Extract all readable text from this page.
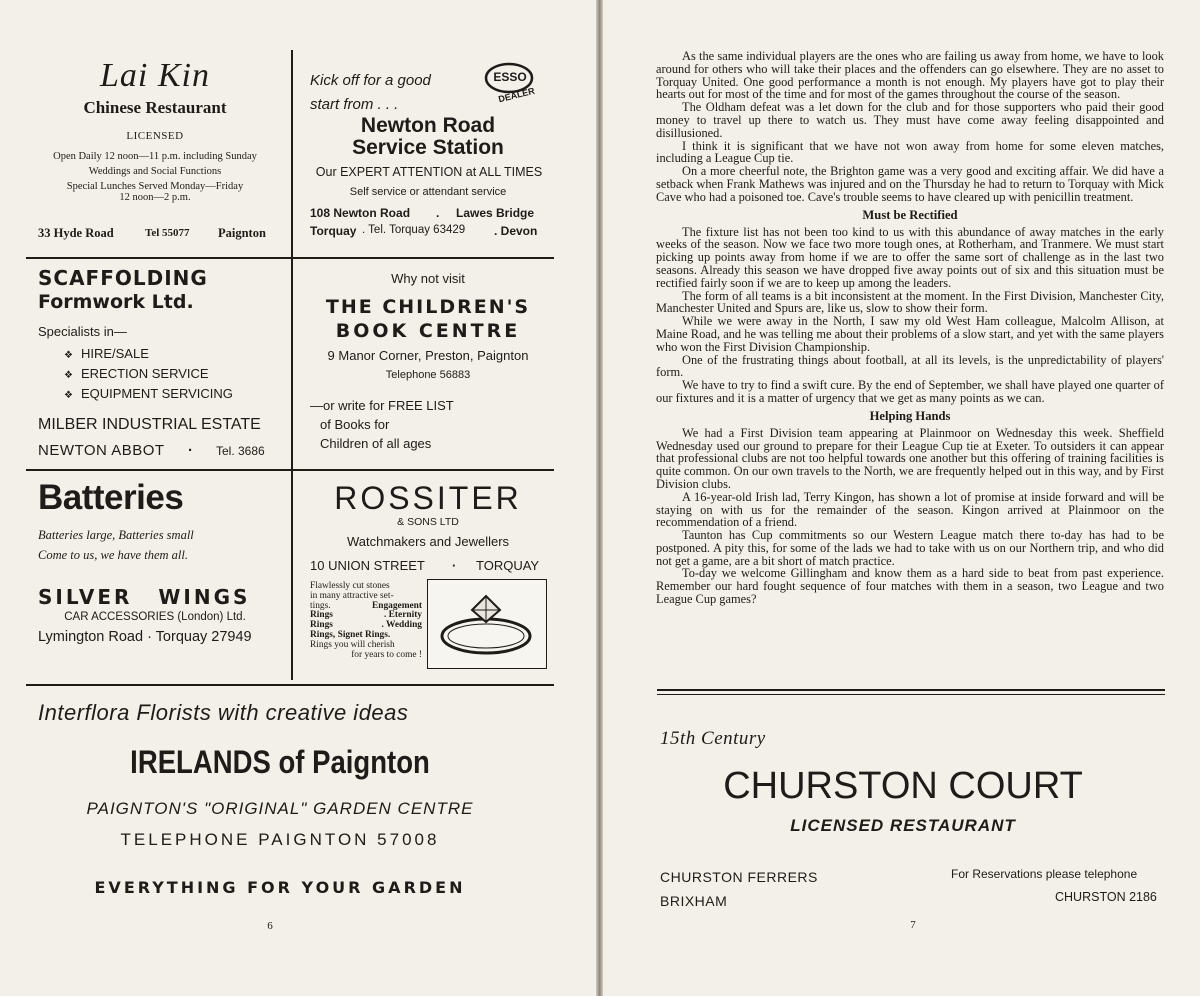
Lai Kin
Chinese Restaurant
LICENSED
Open Daily 12 noon—11 p.m. including Sunday
Weddings and Social Functions
Special Lunches Served Monday—Friday
12 noon—2 p.m.
33 Hyde Road	Tel 55077 Paignton
Kick off for a good
start from . . .
ESSO
DEALER
Newton Road
Service Station
Our EXPERT ATTENTION at ALL TIMES
Self service or attendant service
108 Newton Road . Lawes Bridge
Torquay . Tel. Torquay 63429 . Devon
SCAFFOLDING
Formwork Ltd.
Specialists in—
❖ HIRE/SALE
❖ ERECTION SERVICE
❖ EQUIPMENT SERVICING
MILBER INDUSTRIAL ESTATE
NEWTON ABBOT · Tel. 3686
Why not visit
THE CHILDREN'S
BOOK CENTRE
9 Manor Corner, Preston, Paignton
Telephone 56883
—or write for FREE LIST
of Books for
Children of all ages
Batteries
Batteries large, Batteries small
Come to us, we have them all.
SILVER WINGS
CAR ACCESSORIES (London) Ltd.
Lymington Road · Torquay 27949
ROSSITER
& SONS LTD
Watchmakers and Jewellers
10 UNION STREET · TORQUAY
Flawlessly cut stones
in many attractive set-
tings.	Engagement
Rings	. Eternity
Rings	. Wedding
Rings, Signet Rings.
Rings you will cherish
for years to come !
Interflora Florists with creative ideas
IRELANDS of Paignton
PAIGNTON'S "ORIGINAL" GARDEN CENTRE
TELEPHONE PAIGNTON 57008
EVERYTHING FOR YOUR GARDEN
6

As the same individual players are the ones who are failing us away from home, we have to look around for others who will take their places and the offenders can go elsewhere. They are no asset to Torquay United. One good performance a month is not enough. My players have got to play their hearts out for most of the time and for most of the games throughout the course of the season.

The Oldham defeat was a let down for the club and for those supporters who paid their good money to travel up there to watch us. They must have come away feeling disappointed and disillusioned.

I think it is significant that we have not won away from home for some eleven matches, including a League Cup tie.

On a more cheerful note, the Brighton game was a very good and exciting affair. We did have a setback when Frank Mathews was injured and on the Thursday he had to return to Torquay with Mick Cave who had a poisoned toe. Cave's trouble seems to have cleared up with penicillin treatment.

Must be Rectified

The fixture list has not been too kind to us with this abundance of away matches in the early weeks of the season. Now we face two more tough ones, at Rotherham, and Tranmere. We must start picking up points away from home if we are to offer the same sort of challenge as in the last two seasons. Already this season we have dropped five away points out of six and this situation must be rectified fairly soon if we are to keep up among the leaders.

The form of all teams is a bit inconsistent at the moment. In the First Division, Manchester City, Manchester United and Spurs are, like us, slow to show their form.

While we were away in the North, I saw my old West Ham colleague, Malcolm Allison, at Maine Road, and he was telling me about their problems of a slow start, and yet with the same players who won the First Division Championship.

One of the frustrating things about football, at all its levels, is the unpredictability of players' form.

We have to try to find a swift cure. By the end of September, we shall have played one quarter of our fixtures and it is a matter of urgency that we get as many points as we can.

Helping Hands

We had a First Division team appearing at Plainmoor on Wednesday this week. Sheffield Wednesday used our ground to prepare for their League Cup tie at Exeter. To outsiders it can appear that professional clubs are not too helpful towards one another but this offering of training facilities is quite common. On our own travels to the North, we are frequently helped out in this way, and by First Division clubs.

A 16-year-old Irish lad, Terry Kingon, has shown a lot of promise at inside forward and will be staying on with us for the remainder of the season. Kingon arrived at Plainmoor on the recommendation of a friend.

Taunton has Cup commitments so our Western League match there to-day has had to be postponed. A pity this, for some of the lads we had to take with us on our Northern trip, and who did not get a game, are a bit short of match practice.

To-day we welcome Gillingham and know them as a hard side to beat from past experience. Remember our hard fought sequence of four matches with them in a season, two League and two League Cup games?

15th Century
CHURSTON COURT
LICENSED RESTAURANT
CHURSTON FERRERS
BRIXHAM
For Reservations please telephone
CHURSTON 2186
7
